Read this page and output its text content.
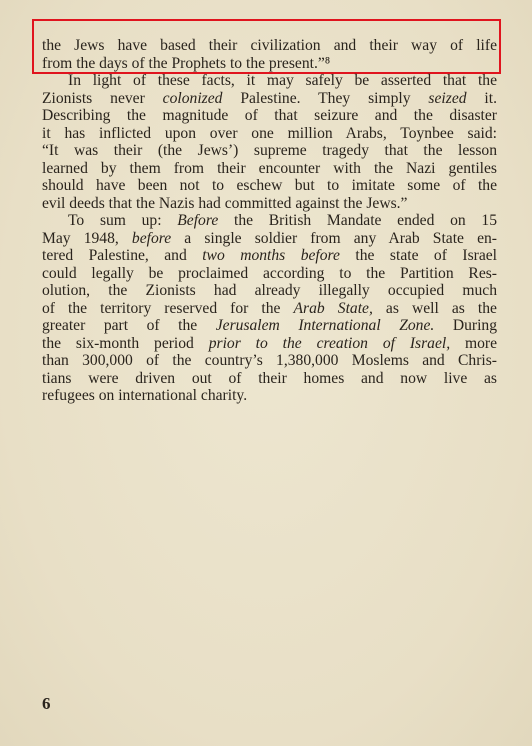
the Jews have based their civilization and their way of life
from the days of the Prophets to the present.”⁸
In light of these facts, it may safely be asserted that the
Zionists never colonized Palestine. They simply seized it.
Describing the magnitude of that seizure and the disaster
it has inflicted upon over one million Arabs, Toynbee said:
“It was their (the Jews’) supreme tragedy that the lesson
learned by them from their encounter with the Nazi gentiles
should have been not to eschew but to imitate some of the
evil deeds that the Nazis had committed against the Jews.”
To sum up: Before the British Mandate ended on 15
May 1948, before a single soldier from any Arab State en-
tered Palestine, and two months before the state of Israel
could legally be proclaimed according to the Partition Res-
olution, the Zionists had already illegally occupied much
of the territory reserved for the Arab State, as well as the
greater part of the Jerusalem International Zone. During
the six-month period prior to the creation of Israel, more
than 300,000 of the country’s 1,380,000 Moslems and Chris-
tians were driven out of their homes and now live as
refugees on international charity.
6
